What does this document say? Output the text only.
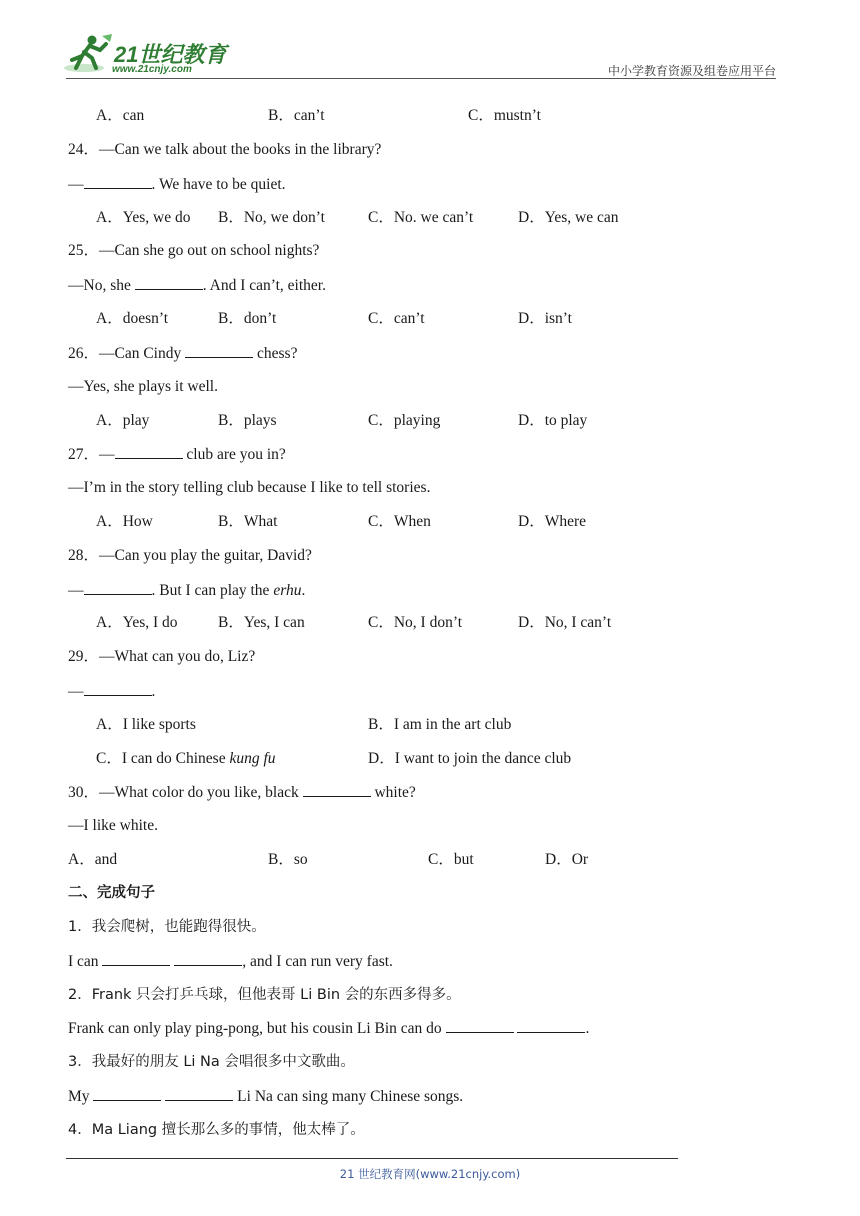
21世纪教育
www.21cnjy.com	中小学教育资源及组卷应用平台
A．can	B．can’t	C．mustn’t
24．—Can we talk about the books in the library?
—	. We have to be quiet.
A．Yes, we do B．No, we don’t	C．No. we can’t	D．Yes, we can
25．—Can she go out on school nights?
—No, she	. And I can’t, either.
A．doesn’t	B．don’t	C．can’t	D．isn’t
26．—Can Cindy	chess?
—Yes, she plays it well.
A．play	B．plays	C．playing	D．to play
27．—	club are you in?
—I’m in the story telling club because I like to tell stories.
A．How	B．What	C．When	D．Where
28．—Can you play the guitar, David?
—	. But I can play the erhu.
A．Yes, I do	B．Yes, I can	C．No, I don’t	D．No, I can’t
29．—What can you do, Liz?
—	.
A．I like sports	B．I am in the art club
C．I can do Chinese kung fu	D．I want to join the dance club
30．—What color do you like, black	white?
—I like white.
A．and	B．so	C．but	D．Or
二、完成句子
1．我会爬树，也能跑得很快。
I can	, and I can run very fast.
2．Frank 只会打乒乓球，但他表哥 Li Bin 会的东西多得多。
Frank can only play ping-pong, but his cousin Li Bin can do	.
3．我最好的朋友 Li Na 会唱很多中文歌曲。
My	Li Na can sing many Chinese songs.
4．Ma Liang 擅长那么多的事情，他太棒了。
21 世纪教育网(www.21cnjy.com)
